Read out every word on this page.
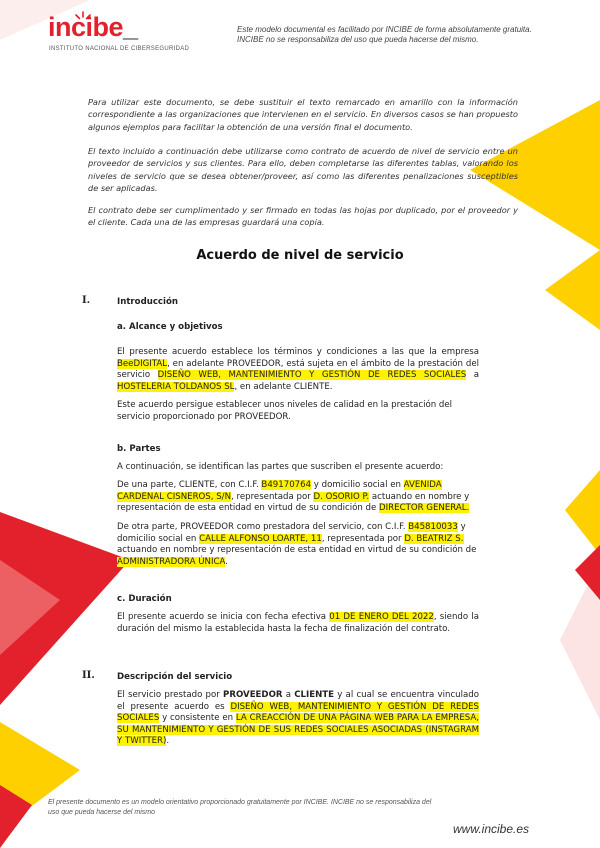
incibe_
INSTITUTO NACIONAL DE CIBERSEGURIDAD
Este modelo documental es facilitado por INCIBE de forma absolutamente gratuita. INCIBE no se responsabiliza del uso que pueda hacerse del mismo.

Para utilizar este documento, se debe sustituir el texto remarcado en amarillo con la información correspondiente a las organizaciones que intervienen en el servicio. En diversos casos se han propuesto algunos ejemplos para facilitar la obtención de una versión final el documento.

El texto incluido a continuación debe utilizarse como contrato de acuerdo de nivel de servicio entre un proveedor de servicios y sus clientes. Para ello, deben completarse las diferentes tablas, valorando los niveles de servicio que se desea obtener/proveer, así como las diferentes penalizaciones susceptibles de ser aplicadas.

El contrato debe ser cumplimentado y ser firmado en todas las hojas por duplicado, por el proveedor y el cliente. Cada una de las empresas guardará una copia.

Acuerdo de nivel de servicio
I.	Introducción
a. Alcance y objetivos

El presente acuerdo establece los términos y condiciones a las que la empresa BeeDIGITAL, en adelante PROVEEDOR, está sujeta en el ámbito de la prestación del servicio DISEÑO WEB, MANTENIMIENTO Y GESTIÓN DE REDES SOCIALES a HOSTELERIA TOLDANOS SL, en adelante CLIENTE.

Este acuerdo persigue establecer unos niveles de calidad en la prestación del servicio proporcionado por PROVEEDOR.

b. Partes

A continuación, se identifican las partes que suscriben el presente acuerdo:

De una parte, CLIENTE, con C.I.F. B49170764 y domicilio social en AVENIDA CARDENAL CISNEROS, S/N, representada por D. OSORIO P. actuando en nombre y representación de esta entidad en virtud de su condición de DIRECTOR GENERAL.

De otra parte, PROVEEDOR como prestadora del servicio, con C.I.F. B45810033 y domicilio social en CALLE ALFONSO LOARTE, 11, representada por D. BEATRIZ S. actuando en nombre y representación de esta entidad en virtud de su condición de ADMINISTRADORA ÚNICA.

c. Duración

El presente acuerdo se inicia con fecha efectiva 01 DE ENERO DEL 2022, siendo la duración del mismo la establecida hasta la fecha de finalización del contrato.

II.	Descripción del servicio

El servicio prestado por PROVEEDOR a CLIENTE y al cual se encuentra vinculado el presente acuerdo es DISEÑO WEB, MANTENIMIENTO Y GESTIÓN DE REDES SOCIALES y consistente en LA CREACCIÓN DE UNA PÁGINA WEB PARA LA EMPRESA, SU MANTENIMIENTO Y GESTIÓN DE SUS REDES SOCIALES ASOCIADAS (INSTAGRAM Y TWITTER).

El presente documento es un modelo orientativo proporcionado gratuitamente por INCIBE. INCIBE no se responsabiliza del uso que pueda hacerse del mismo
www.incibe.es
